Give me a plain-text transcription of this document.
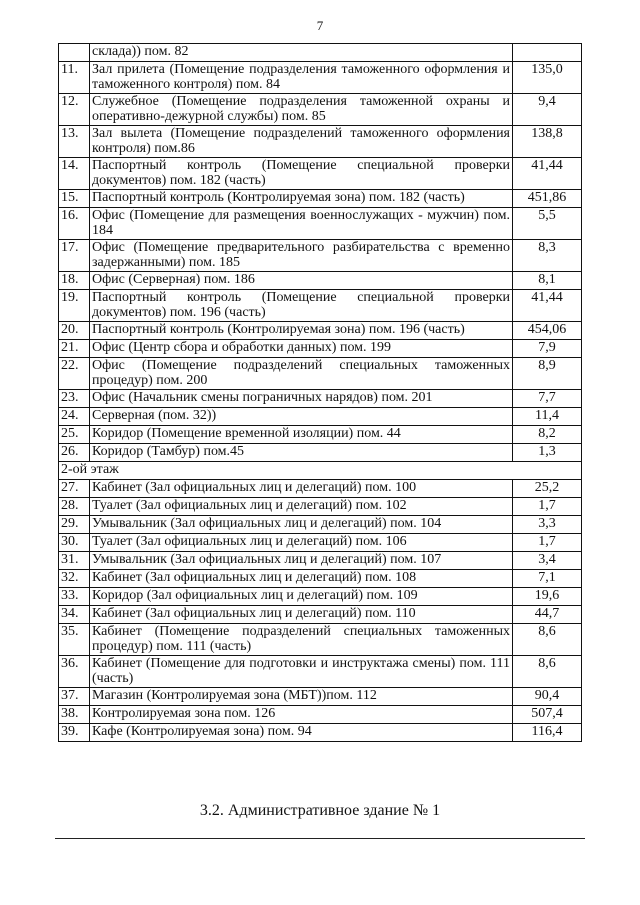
7
	склада)) пом. 82	
11.	Зал прилета (Помещение подразделения таможенного оформления и таможенного контроля) пом. 84	135,0
12.	Служебное (Помещение подразделения таможенной охраны и оперативно-дежурной службы) пом. 85	9,4
13.	Зал вылета (Помещение подразделений таможенного оформления контроля) пом.86	138,8
14.	Паспортный контроль (Помещение специальной проверки документов) пом. 182 (часть)	41,44
15.	Паспортный контроль (Контролируемая зона) пом. 182 (часть)	451,86
16.	Офис (Помещение для размещения военнослужащих - мужчин) пом. 184	5,5
17.	Офис (Помещение предварительного разбирательства с временно задержанными) пом. 185	8,3
18.	Офис (Серверная) пом. 186	8,1
19.	Паспортный контроль (Помещение специальной проверки документов) пом. 196 (часть)	41,44
20.	Паспортный контроль (Контролируемая зона) пом. 196 (часть)	454,06
21.	Офис (Центр сбора и обработки данных) пом. 199	7,9
22.	Офис (Помещение подразделений специальных таможенных процедур) пом. 200	8,9
23.	Офис (Начальник смены пограничных нарядов) пом. 201	7,7
24.	Серверная (пом. 32))	11,4
25.	Коридор (Помещение временной изоляции) пом. 44	8,2
26.	Коридор (Тамбур) пом.45	1,3
2-ой этаж		
27.	Кабинет (Зал официальных лиц и делегаций) пом. 100	25,2
28.	Туалет (Зал официальных лиц и делегаций) пом. 102	1,7
29.	Умывальник (Зал официальных лиц и делегаций) пом. 104	3,3
30.	Туалет (Зал официальных лиц и делегаций) пом. 106	1,7
31.	Умывальник (Зал официальных лиц и делегаций) пом. 107	3,4
32.	Кабинет (Зал официальных лиц и делегаций) пом. 108	7,1
33.	Коридор (Зал официальных лиц и делегаций) пом. 109	19,6
34.	Кабинет (Зал официальных лиц и делегаций) пом. 110	44,7
35.	Кабинет (Помещение подразделений специальных таможенных процедур) пом. 111 (часть)	8,6
36.	Кабинет (Помещение для подготовки и инструктажа смены) пом. 111 (часть)	8,6
37.	Магазин (Контролируемая зона (МБТ))пом. 112	90,4
38.	Контролируемая зона пом. 126	507,4
39.	Кафе (Контролируемая зона) пом. 94	116,4
3.2. Административное здание № 1
